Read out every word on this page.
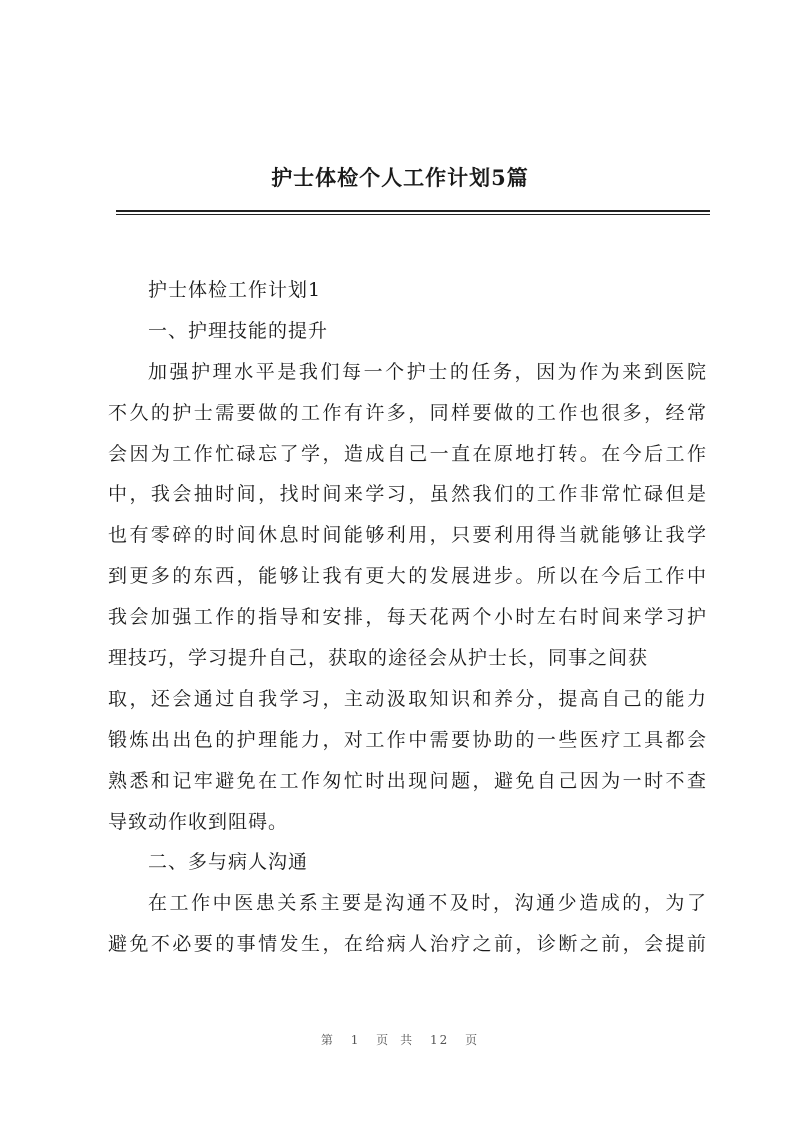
护士体检个人工作计划5篇
护士体检工作计划1
一、护理技能的提升
加强护理水平是我们每一个护士的任务，因为作为来到医院
不久的护士需要做的工作有许多，同样要做的工作也很多，经常
会因为工作忙碌忘了学，造成自己一直在原地打转。在今后工作
中，我会抽时间，找时间来学习，虽然我们的工作非常忙碌但是
也有零碎的时间休息时间能够利用，只要利用得当就能够让我学
到更多的东西，能够让我有更大的发展进步。所以在今后工作中
我会加强工作的指导和安排，每天花两个小时左右时间来学习护
理技巧，学习提升自己，获取的途径会从护士长，同事之间获
取，还会通过自我学习，主动汲取知识和养分，提高自己的能力
锻炼出出色的护理能力，对工作中需要协助的一些医疗工具都会
熟悉和记牢避免在工作匆忙时出现问题，避免自己因为一时不查
导致动作收到阻碍。
二、多与病人沟通
在工作中医患关系主要是沟通不及时，沟通少造成的，为了
避免不必要的事情发生，在给病人治疗之前，诊断之前，会提前
第 1 页 共 12 页
